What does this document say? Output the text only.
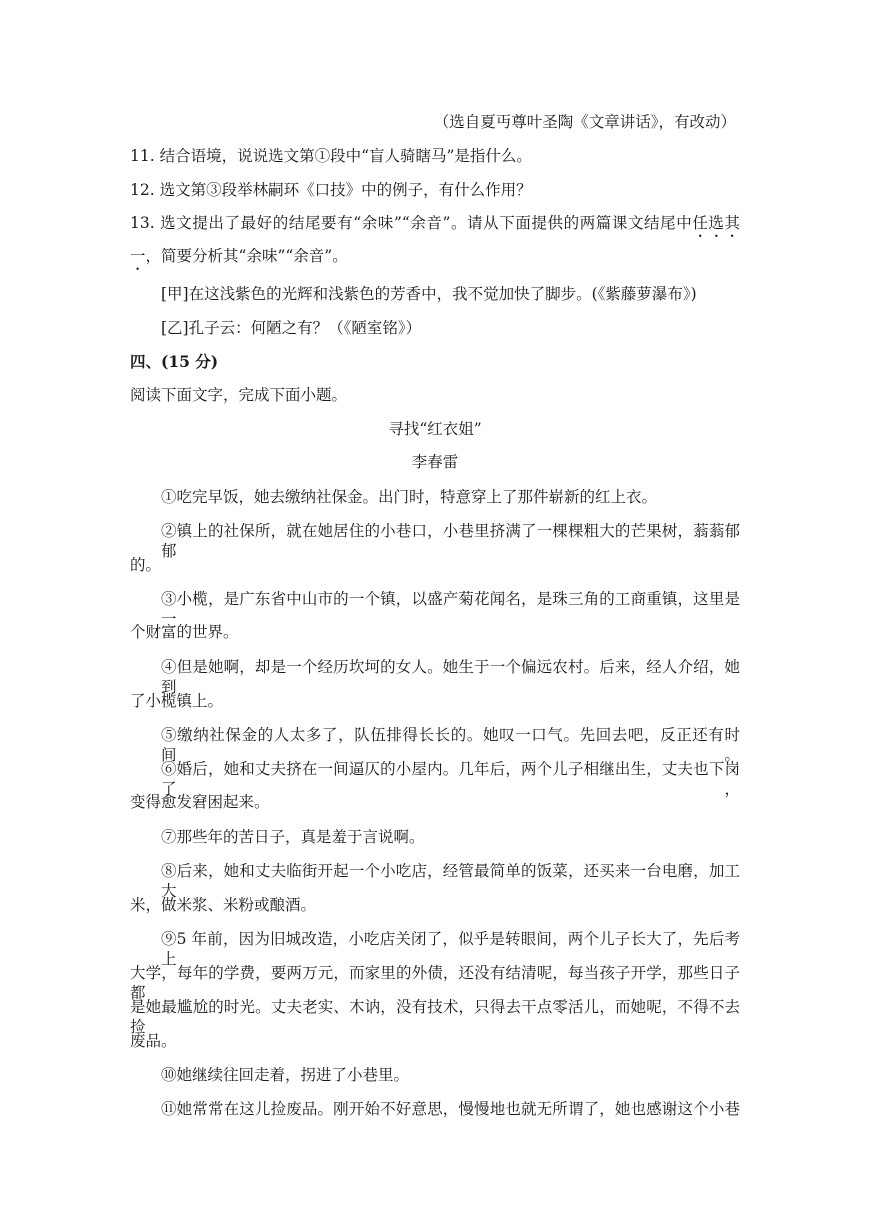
（选自夏丏尊叶圣陶《文章讲话》，有改动）
11. 结合语境，说说选文第①段中“盲人骑瞎马”是指什么。
12. 选文第③段举林嗣环《口技》中的例子，有什么作用？
13. 选文提出了最好的结尾要有“余味”“余音”。请从下面提供的两篇课文结尾中任选其
一，简要分析其“余味”“余音”。
[甲]在这浅紫色的光辉和浅紫色的芳香中，我不觉加快了脚步。(《紫藤萝瀑布》)
[乙]孔子云：何陋之有？（《陋室铭》）
四、(15 分)
阅读下面文字，完成下面小题。
寻找“红衣姐”
李春雷
①吃完早饭，她去缴纳社保金。出门时，特意穿上了那件崭新的红上衣。
②镇上的社保所，就在她居住的小巷口，小巷里挤满了一棵棵粗大的芒果树，蓊蓊郁郁
的。
③小榄，是广东省中山市的一个镇，以盛产菊花闻名，是珠三角的工商重镇，这里是一
个财富的世界。
④但是她啊，却是一个经历坎坷的女人。她生于一个偏远农村。后来，经人介绍，她到
了小榄镇上。
⑤缴纳社保金的人太多了，队伍排得长长的。她叹一口气。先回去吧，反正还有时间。
⑥婚后，她和丈夫挤在一间逼仄的小屋内。几年后，两个儿子相继出生，丈夫也下岗了，
变得愈发窘困起来。
⑦那些年的苦日子，真是羞于言说啊。
⑧后来，她和丈夫临街开起一个小吃店，经管最简单的饭菜，还买来一台电磨，加工大
米，做米浆、米粉或酿酒。
⑨5 年前，因为旧城改造，小吃店关闭了，似乎是转眼间，两个儿子长大了，先后考上
大学，每年的学费，要两万元，而家里的外债，还没有结清呢，每当孩子开学，那些日子都
是她最尴尬的时光。丈夫老实、木讷，没有技术，只得去干点零活儿，而她呢，不得不去捡
废品。
⑩她继续往回走着，拐进了小巷里。
⑪她常常在这儿捡废品。刚开始不好意思，慢慢地也就无所谓了，她也感谢这个小巷
